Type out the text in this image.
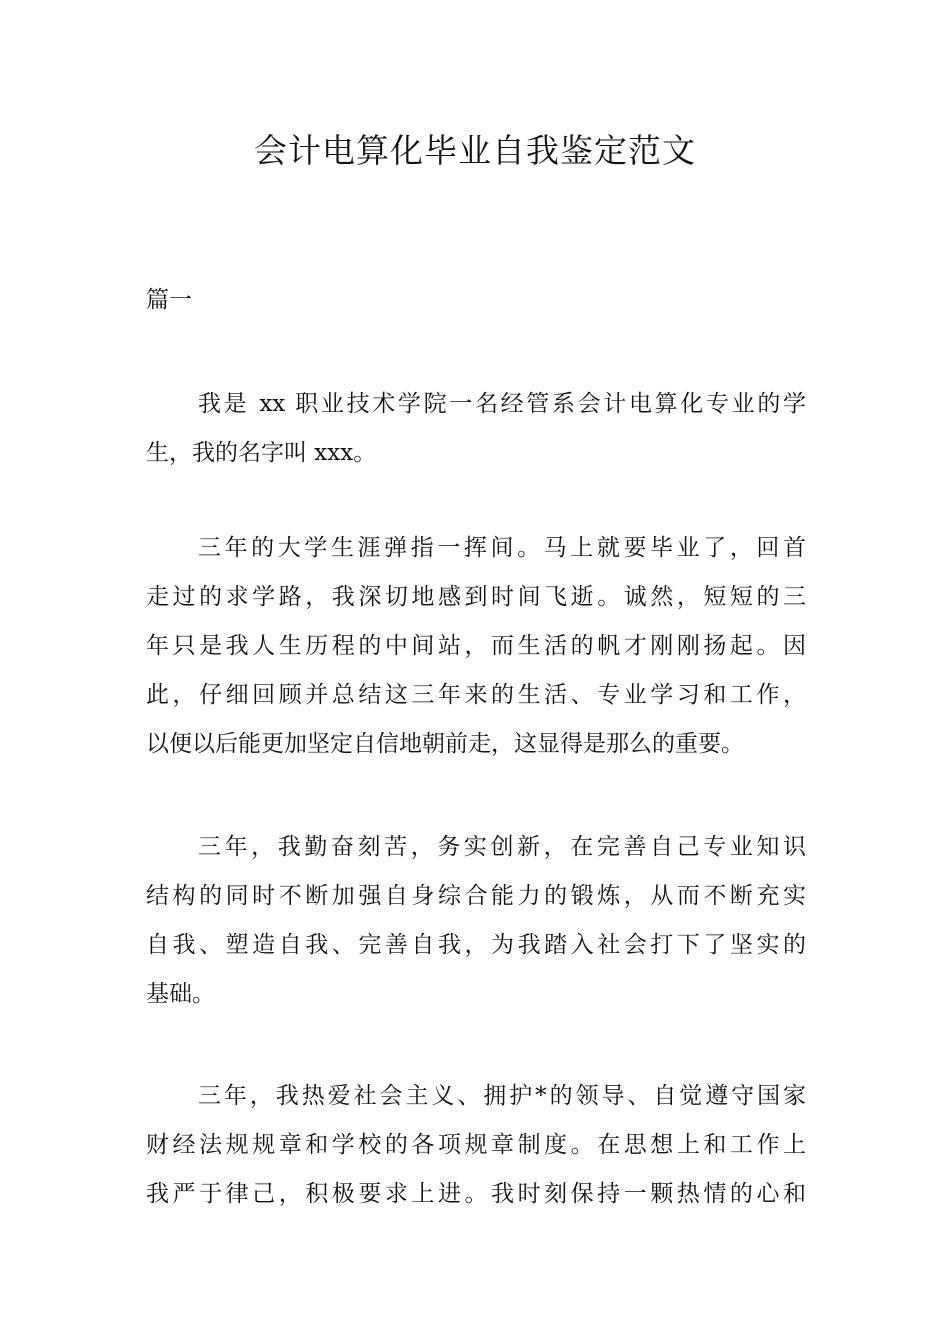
会计电算化毕业自我鉴定范文
篇一
我是 xx 职业技术学院一名经管系会计电算化专业的学
生，我的名字叫 xxx。
三年的大学生涯弹指一挥间。马上就要毕业了，回首
走过的求学路，我深切地感到时间飞逝。诚然，短短的三
年只是我人生历程的中间站，而生活的帆才刚刚扬起。因
此，仔细回顾并总结这三年来的生活、专业学习和工作，
以便以后能更加坚定自信地朝前走，这显得是那么的重要。
三年，我勤奋刻苦，务实创新，在完善自己专业知识
结构的同时不断加强自身综合能力的锻炼，从而不断充实
自我、塑造自我、完善自我，为我踏入社会打下了坚实的
基础。
三年，我热爱社会主义、拥护*的领导、自觉遵守国家
财经法规规章和学校的各项规章制度。在思想上和工作上
我严于律己，积极要求上进。我时刻保持一颗热情的心和
